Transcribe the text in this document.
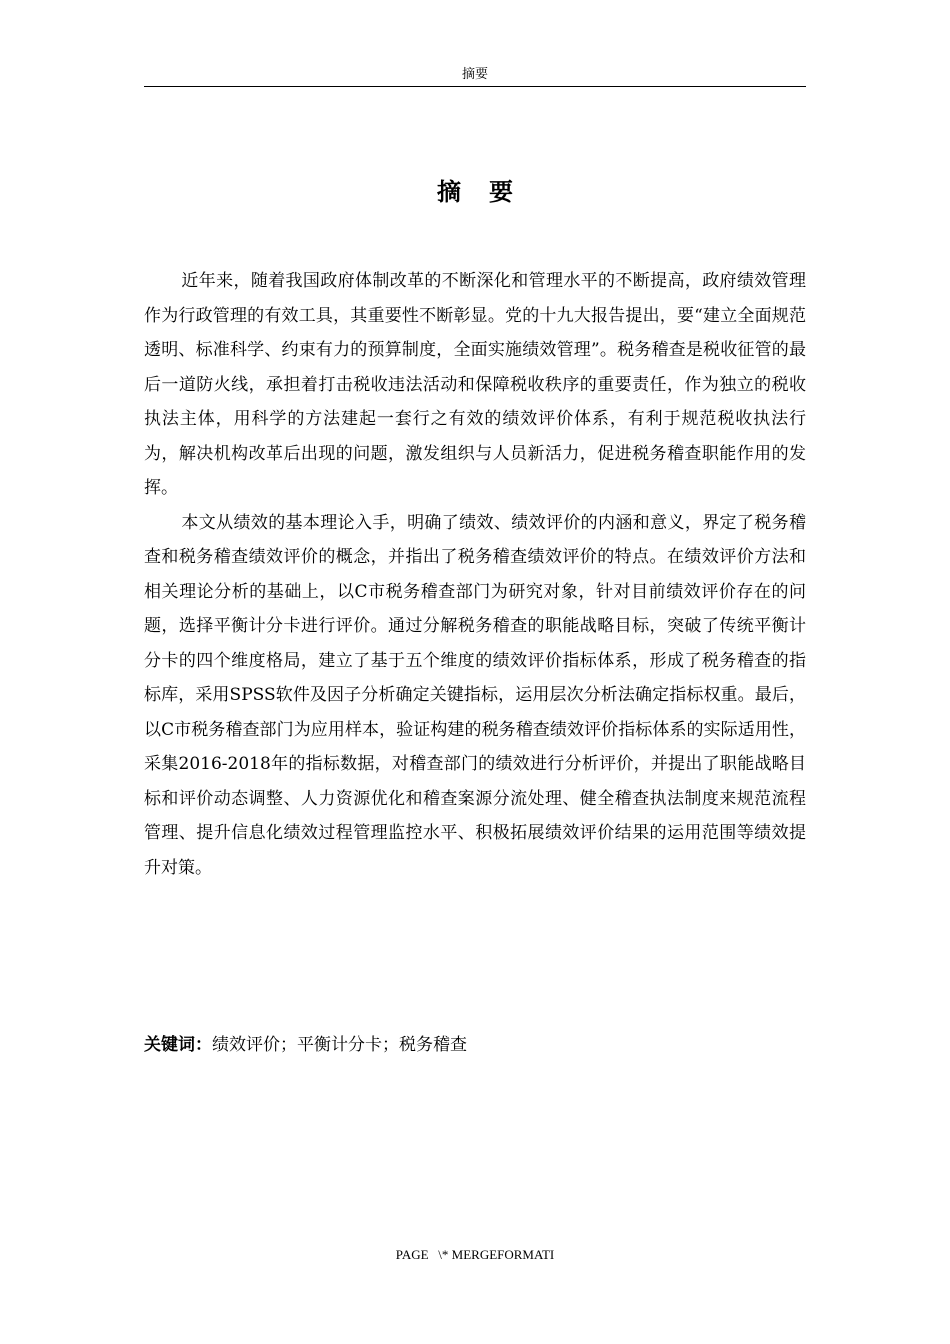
摘要
摘要

近年来，随着我国政府体制改革的不断深化和管理水平的不断提高，政府绩效管理作为行政管理的有效工具，其重要性不断彰显。党的十九大报告提出，要“建立全面规范透明、标准科学、约束有力的预算制度，全面实施绩效管理”。税务稽查是税收征管的最后一道防火线，承担着打击税收违法活动和保障税收秩序的重要责任，作为独立的税收执法主体，用科学的方法建起一套行之有效的绩效评价体系，有利于规范税收执法行为，解决机构改革后出现的问题，激发组织与人员新活力，促进税务稽查职能作用的发挥。

本文从绩效的基本理论入手，明确了绩效、绩效评价的内涵和意义，界定了税务稽查和税务稽查绩效评价的概念，并指出了税务稽查绩效评价的特点。在绩效评价方法和相关理论分析的基础上，以C市税务稽查部门为研究对象，针对目前绩效评价存在的问题，选择平衡计分卡进行评价。通过分解税务稽查的职能战略目标，突破了传统平衡计分卡的四个维度格局，建立了基于五个维度的绩效评价指标体系，形成了税务稽查的指标库，采用SPSS软件及因子分析确定关键指标，运用层次分析法确定指标权重。最后，以C市税务稽查部门为应用样本，验证构建的税务稽查绩效评价指标体系的实际适用性，采集2016-2018年的指标数据，对稽查部门的绩效进行分析评价，并提出了职能战略目标和评价动态调整、人力资源优化和稽查案源分流处理、健全稽查执法制度来规范流程管理、提升信息化绩效过程管理监控水平、积极拓展绩效评价结果的运用范围等绩效提升对策。

关键词：绩效评价；平衡计分卡；税务稽查
PAGE   \* MERGEFORMATI
